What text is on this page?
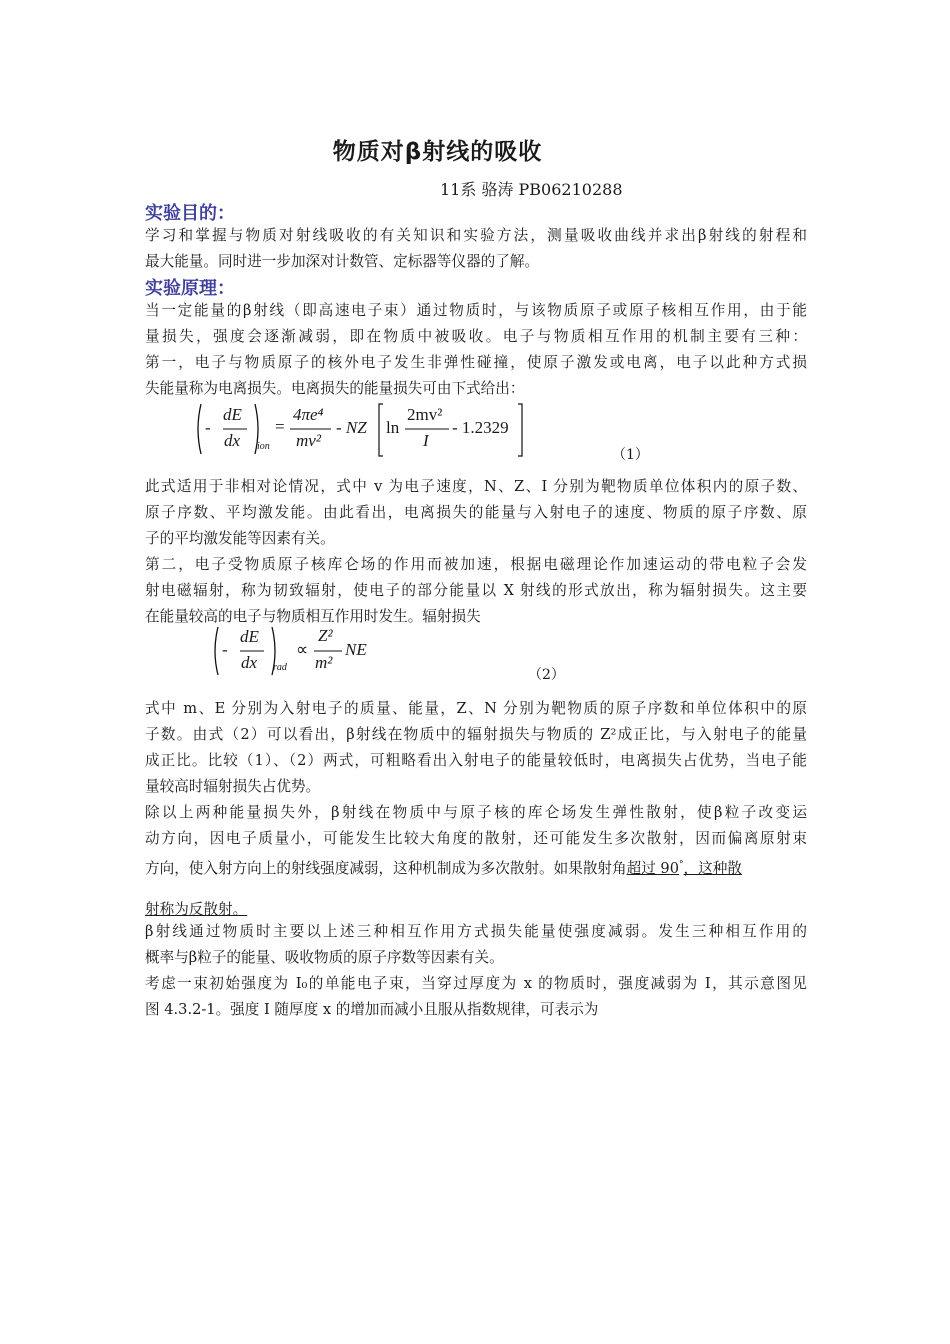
物质对β射线的吸收
11系 骆涛 PB06210288
实验目的：
学习和掌握与物质对射线吸收的有关知识和实验方法，测量吸收曲线并求出β射线的射程和
最大能量。同时进一步加深对计数管、定标器等仪器的了解。
实验原理：
当一定能量的β射线（即高速电子束）通过物质时，与该物质原子或原子核相互作用，由于能
量损失，强度会逐渐减弱，即在物质中被吸收。电子与物质相互作用的机制主要有三种：
第一，电子与物质原子的核外电子发生非弹性碰撞，使原子激发或电离，电子以此种方式损
失能量称为电离损失。电离损失的能量损失可由下式给出：
-
dE
dx ion
=
4πe⁴
mv²
- NZ ln
2mv²
I
- 1.2329
（1）
此式适用于非相对论情况，式中 v 为电子速度，N、Z、I 分别为靶物质单位体积内的原子数、
原子序数、平均激发能。由此看出，电离损失的能量与入射电子的速度、物质的原子序数、原
子的平均激发能等因素有关。
第二，电子受物质原子核库仑场的作用而被加速，根据电磁理论作加速运动的带电粒子会发
射电磁辐射，称为韧致辐射，使电子的部分能量以 X 射线的形式放出，称为辐射损失。这主要
在能量较高的电子与物质相互作用时发生。辐射损失
-
dE
dx rad
∝
Z²
m²
NE
（2）
式中 m、E 分别为入射电子的质量、能量，Z、N 分别为靶物质的原子序数和单位体积中的原
子数。由式（2）可以看出，β射线在物质中的辐射损失与物质的 Z²成正比，与入射电子的能量
成正比。比较（1）、（2）两式，可粗略看出入射电子的能量较低时，电离损失占优势，当电子能
量较高时辐射损失占优势。
除以上两种能量损失外，β射线在物质中与原子核的库仑场发生弹性散射，使β粒子改变运
动方向，因电子质量小，可能发生比较大角度的散射，还可能发生多次散射，因而偏离原射束
方向，使入射方向上的射线强度减弱，这种机制成为多次散射。如果散射角超过 90°，这种散
射称为反散射。
β射线通过物质时主要以上述三种相互作用方式损失能量使强度减弱。发生三种相互作用的
概率与β粒子的能量、吸收物质的原子序数等因素有关。
考虑一束初始强度为 I₀的单能电子束，当穿过厚度为 x 的物质时，强度减弱为 I，其示意图见
图 4.3.2-1。强度 I 随厚度 x 的增加而减小且服从指数规律，可表示为
